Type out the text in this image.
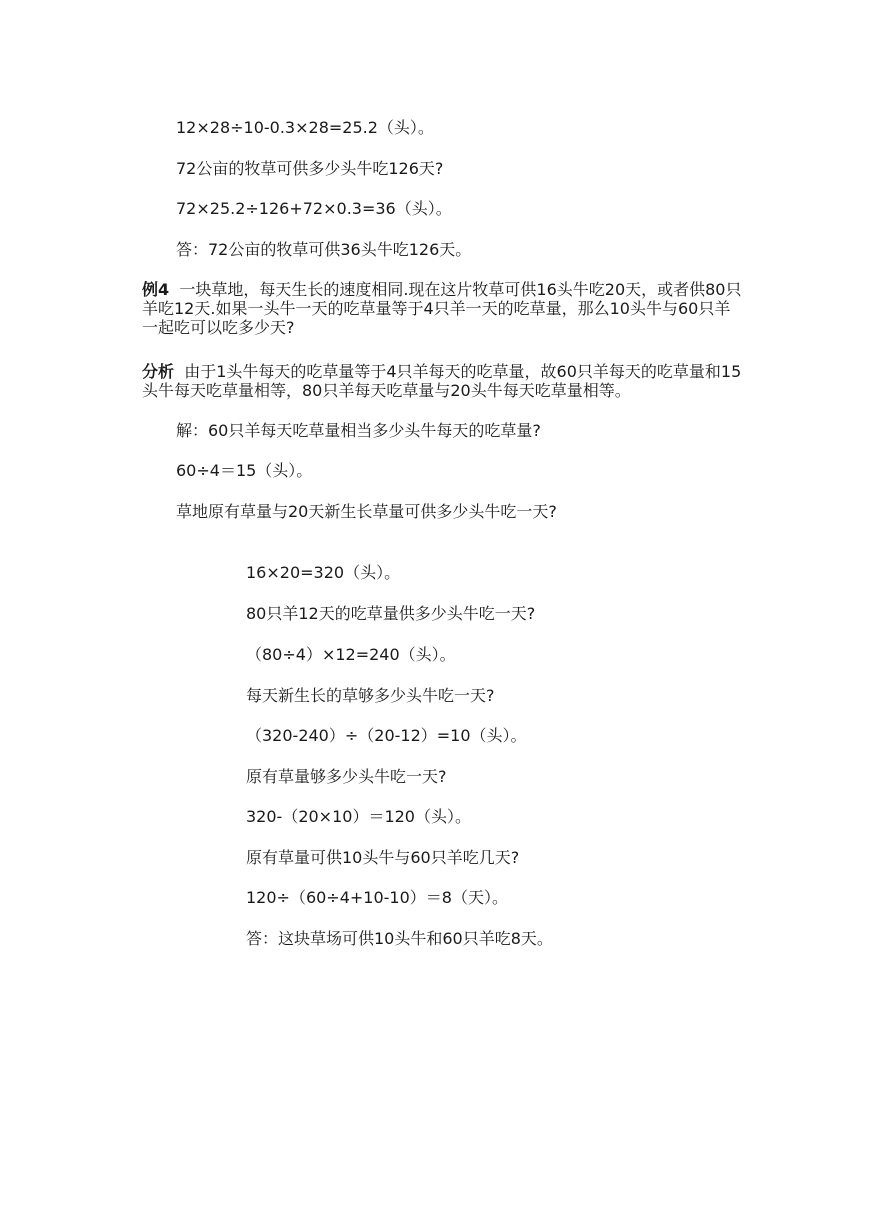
12×28÷10-0.3×28=25.2（头）。
72公亩的牧草可供多少头牛吃126天?
72×25.2÷126+72×0.3=36（头）。
答：72公亩的牧草可供36头牛吃126天。
例4 一块草地，每天生长的速度相同.现在这片牧草可供16头牛吃20天，或者供80只羊吃12天.如果一头牛一天的吃草量等于4只羊一天的吃草量，那么10头牛与60只羊一起吃可以吃多少天?
分析 由于1头牛每天的吃草量等于4只羊每天的吃草量，故60只羊每天的吃草量和15头牛每天吃草量相等，80只羊每天吃草量与20头牛每天吃草量相等。
解：60只羊每天吃草量相当多少头牛每天的吃草量?
60÷4＝15（头）。
草地原有草量与20天新生长草量可供多少头牛吃一天?
16×20=320（头）。
80只羊12天的吃草量供多少头牛吃一天?
（80÷4）×12=240（头）。
每天新生长的草够多少头牛吃一天?
（320-240）÷（20-12）=10（头）。
原有草量够多少头牛吃一天?
320-（20×10）＝120（头）。
原有草量可供10头牛与60只羊吃几天?
120÷（60÷4+10-10）＝8（天）。
答：这块草场可供10头牛和60只羊吃8天。
